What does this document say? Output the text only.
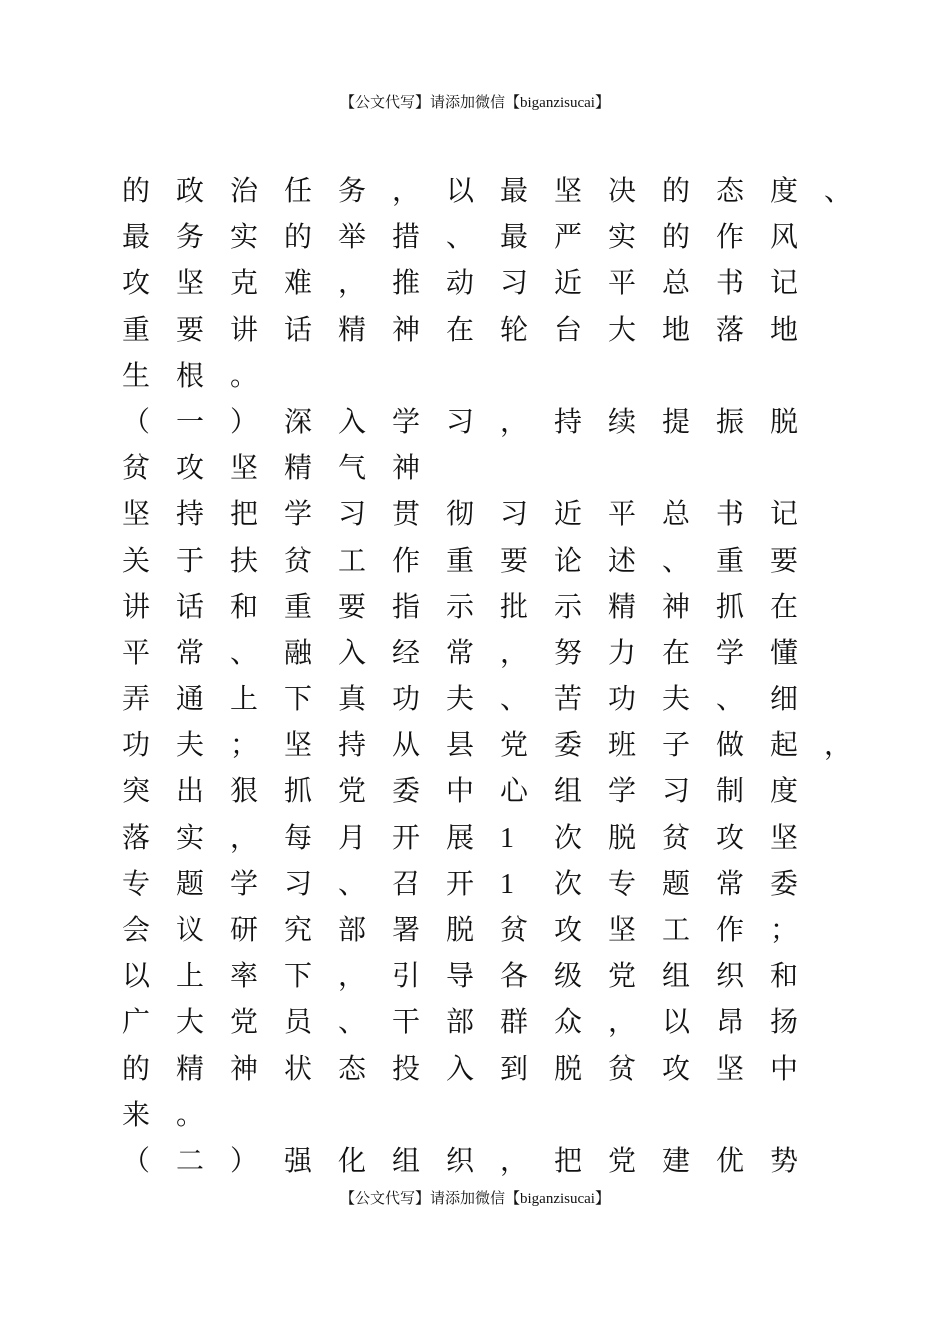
【公文代写】请添加微信【biganzisucai】
的 政 治 任 务 ， 以 最 坚 决 的 态 度 、
最 务 实 的 举 措 、 最 严 实 的 作 风
攻 坚 克 难 ， 推 动 习 近 平 总 书 记
重 要 讲 话 精 神 在 轮 台 大 地 落 地
生 根 。
（ 一 ） 深 入 学 习 ， 持 续 提 振 脱
贫 攻 坚 精 气 神
坚 持 把 学 习 贯 彻 习 近 平 总 书 记
关 于 扶 贫 工 作 重 要 论 述 、 重 要
讲 话 和 重 要 指 示 批 示 精 神 抓 在
平 常 、 融 入 经 常 ， 努 力 在 学 懂
弄 通 上 下 真 功 夫 、 苦 功 夫 、 细
功 夫 ； 坚 持 从 县 党 委 班 子 做 起 ，
突 出 狠 抓 党 委 中 心 组 学 习 制 度
落 实 ， 每 月 开 展 1 次 脱 贫 攻 坚
专 题 学 习 、 召 开 1 次 专 题 常 委
会 议 研 究 部 署 脱 贫 攻 坚 工 作 ；
以 上 率 下 ， 引 导 各 级 党 组 织 和
广 大 党 员 、 干 部 群 众 ， 以 昂 扬
的 精 神 状 态 投 入 到 脱 贫 攻 坚 中
来 。
（ 二 ） 强 化 组 织 ， 把 党 建 优 势
【公文代写】请添加微信【biganzisucai】
